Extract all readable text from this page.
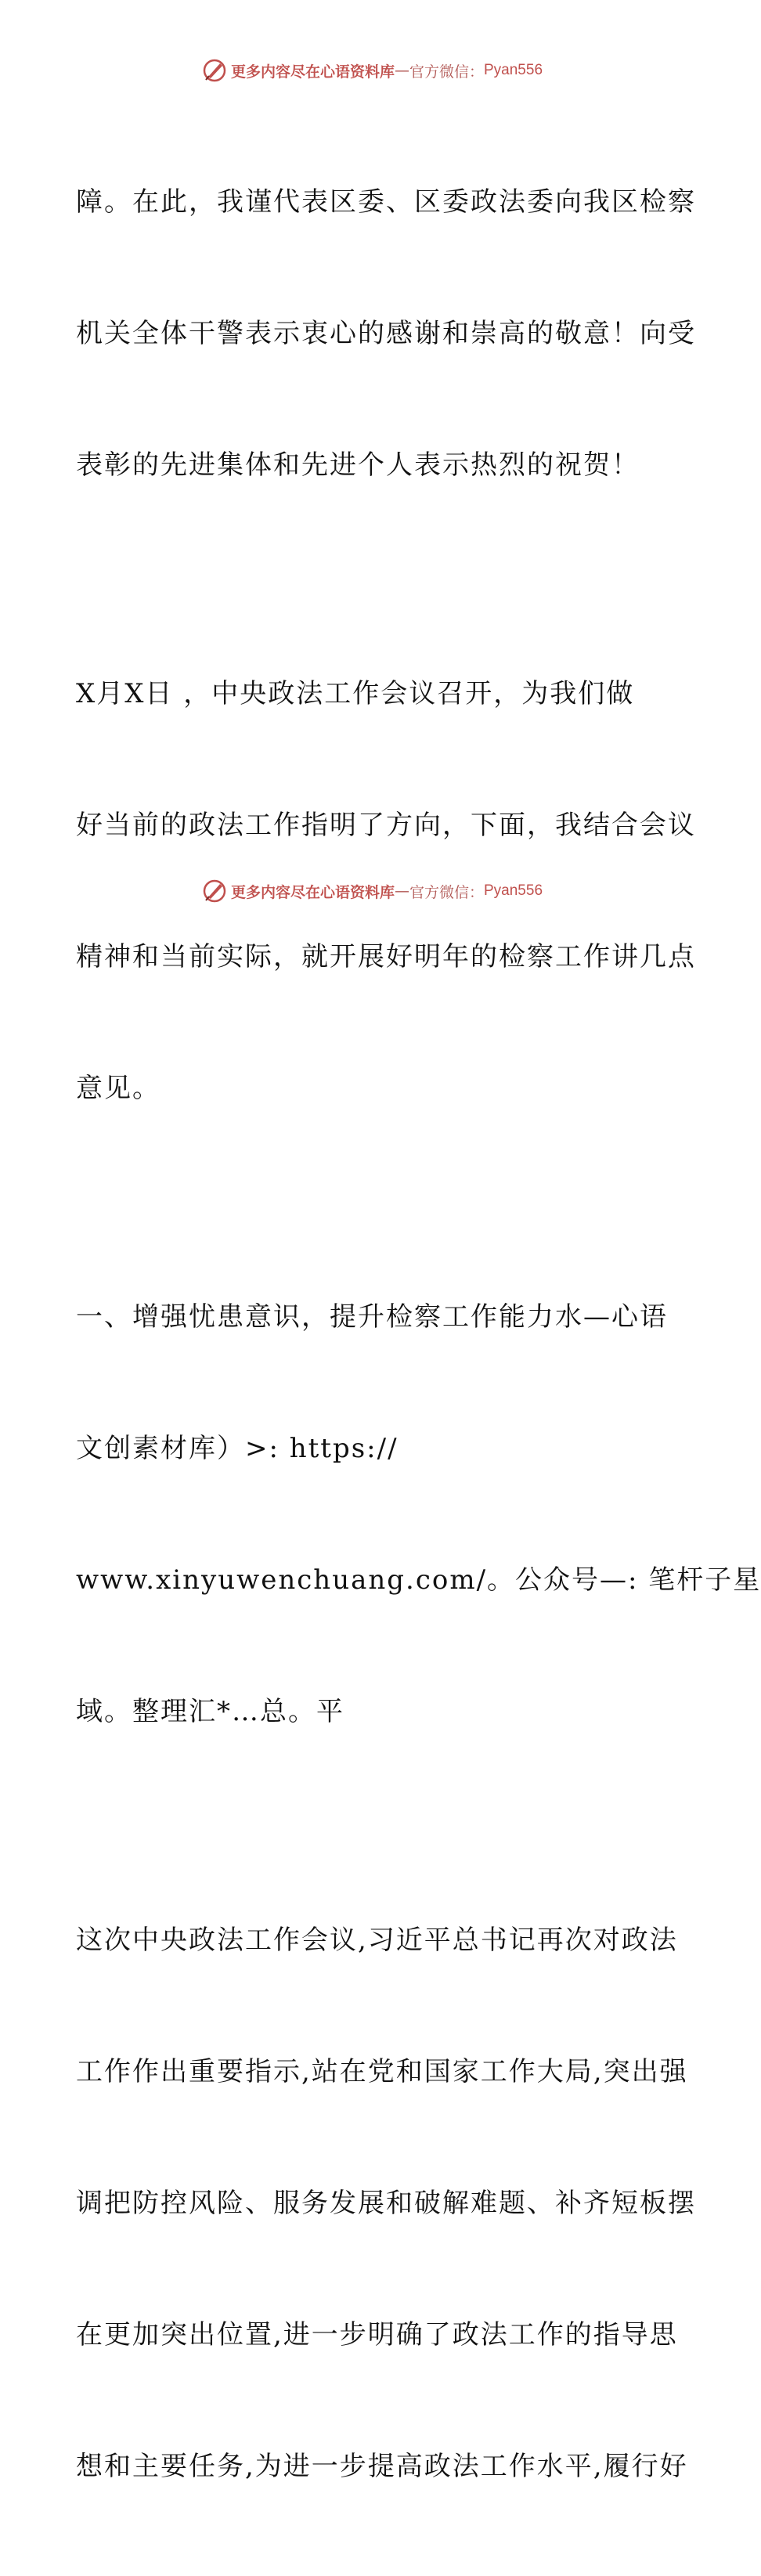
更多内容尽在心语资料库 — 官方微信： Pyan556

障。在此，我谨代表区委、区委政法委向我区检察

机关全体干警表示衷心的感谢和崇高的敬意！向受

表彰的先进集体和先进个人表示热烈的祝贺！

X月X日 ，中央政法工作会议召开，为我们做

好当前的政法工作指明了方向，下面，我结合会议

精神和当前实际，就开展好明年的检察工作讲几点

意见。

一、增强忧患意识，提升检察工作能力水—心语

文创素材库）>: https://

www.xinyuwenchuang.com/。公众号—: 笔杆子星

域。整理汇*…总。平

这次中央政法工作会议,习近平总书记再次对政法

工作作出重要指示,站在党和国家工作大局,突出强

调把防控风险、服务发展和破解难题、补齐短板摆

在更加突出位置,进一步明确了政法工作的指导思

想和主要任务,为进一步提高政法工作水平,履行好

更多内容尽在心语资料库 — 官方微信： Pyan556
